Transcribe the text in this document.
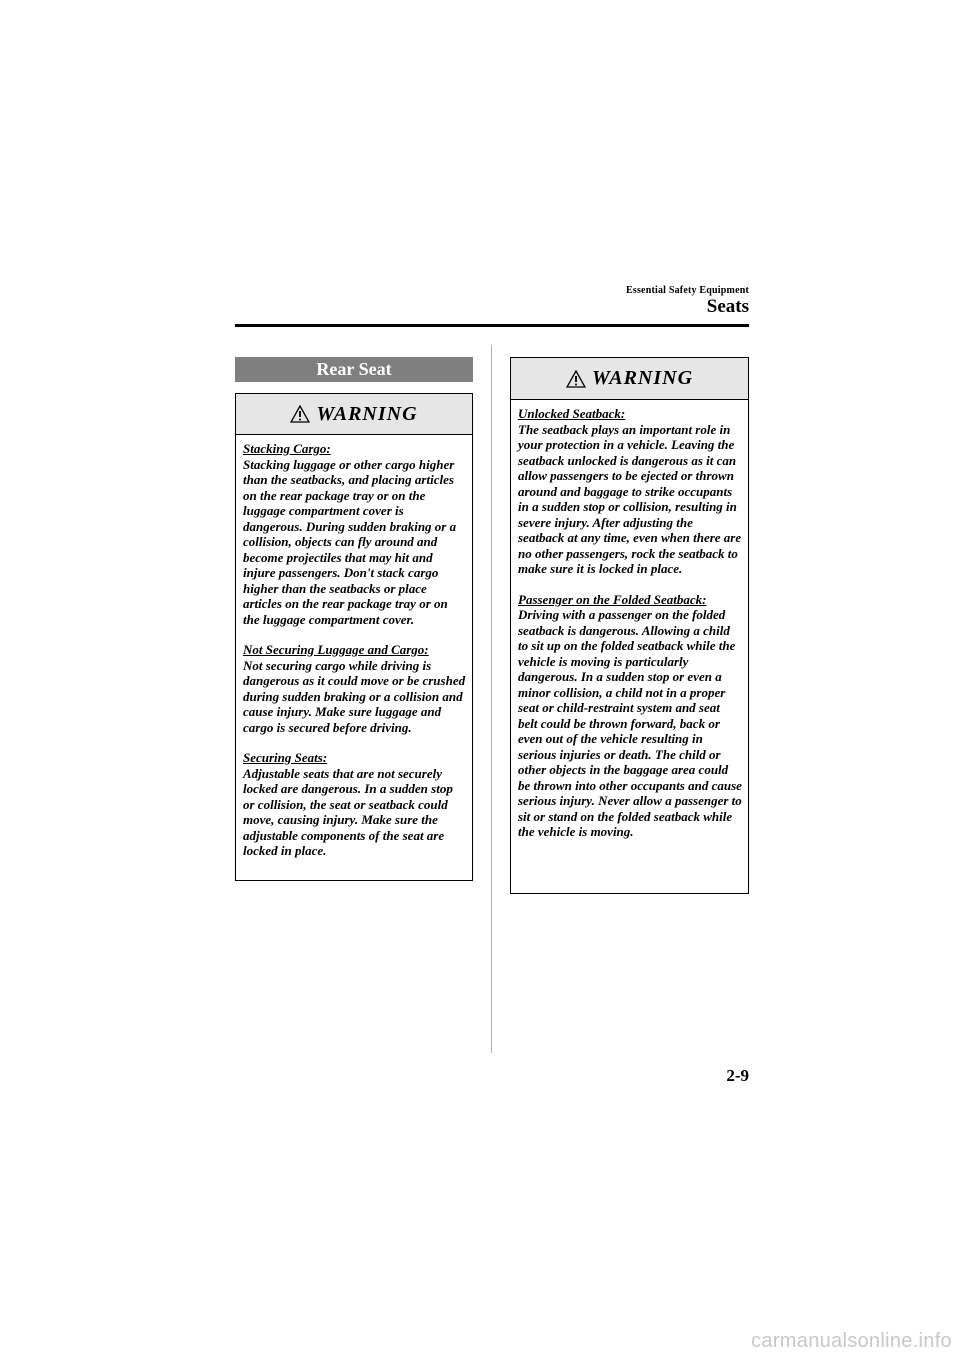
Essential Safety Equipment
Seats
Rear Seat
WARNING

Stacking Cargo:
Stacking luggage or other cargo higher than the seatbacks, and placing articles on the rear package tray or on the luggage compartment cover is dangerous. During sudden braking or a collision, objects can fly around and become projectiles that may hit and injure passengers. Don't stack cargo higher than the seatbacks or place articles on the rear package tray or on the luggage compartment cover.

Not Securing Luggage and Cargo:
Not securing cargo while driving is dangerous as it could move or be crushed during sudden braking or a collision and cause injury. Make sure luggage and cargo is secured before driving.

Securing Seats:
Adjustable seats that are not securely locked are dangerous. In a sudden stop or collision, the seat or seatback could move, causing injury. Make sure the adjustable components of the seat are locked in place.

WARNING

Unlocked Seatback:
The seatback plays an important role in your protection in a vehicle. Leaving the seatback unlocked is dangerous as it can allow passengers to be ejected or thrown around and baggage to strike occupants in a sudden stop or collision, resulting in severe injury. After adjusting the seatback at any time, even when there are no other passengers, rock the seatback to make sure it is locked in place.

Passenger on the Folded Seatback:
Driving with a passenger on the folded seatback is dangerous. Allowing a child to sit up on the folded seatback while the vehicle is moving is particularly dangerous. In a sudden stop or even a minor collision, a child not in a proper seat or child-restraint system and seat belt could be thrown forward, back or even out of the vehicle resulting in serious injuries or death. The child or other objects in the baggage area could be thrown into other occupants and cause serious injury. Never allow a passenger to sit or stand on the folded seatback while the vehicle is moving.

2-9
carmanualsonline.info
